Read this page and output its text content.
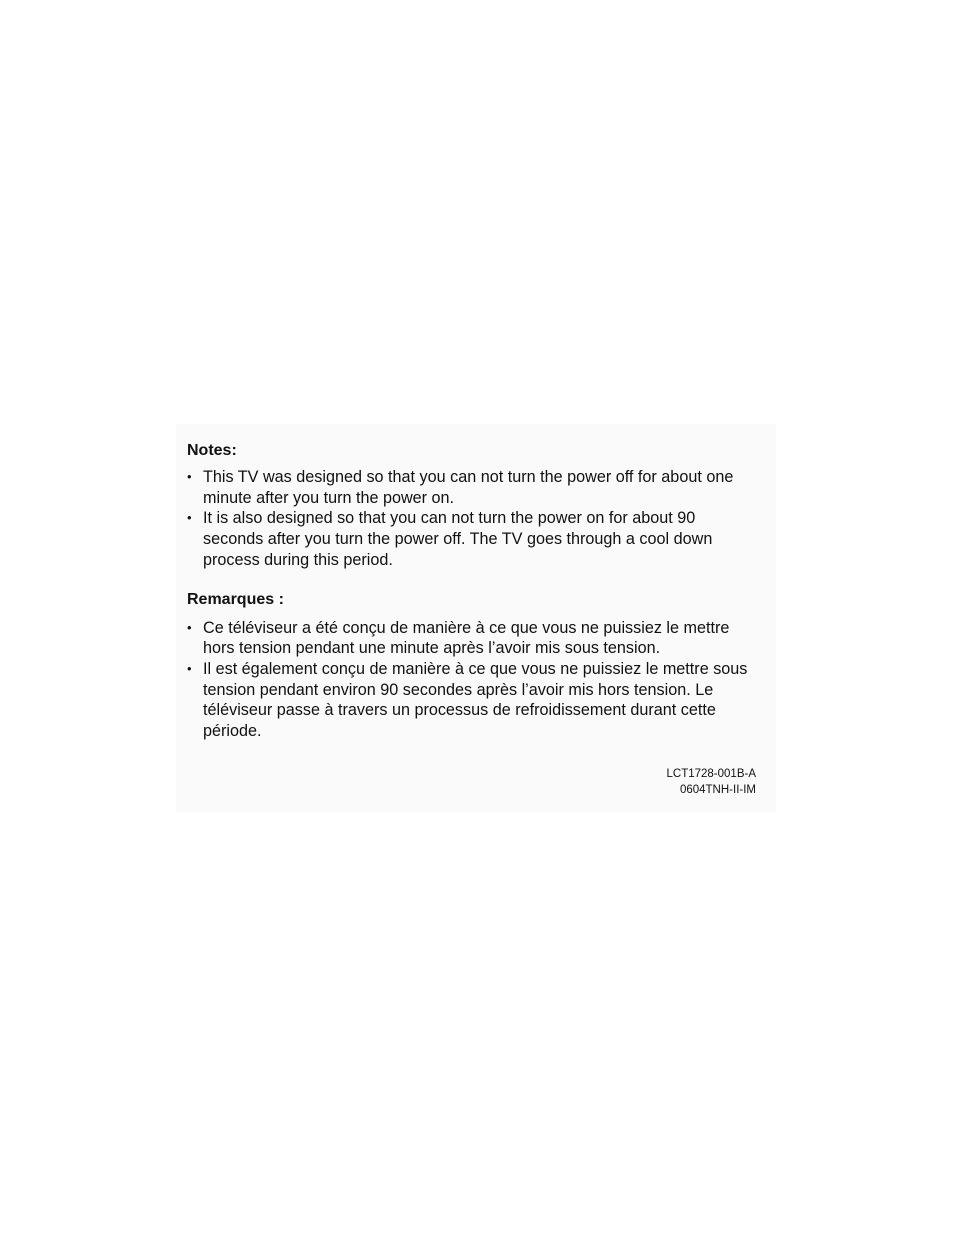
Notes:
• This TV was designed so that you can not turn the power off for about one minute after you turn the power on.
• It is also designed so that you can not turn the power on for about 90 seconds after you turn the power off. The TV goes through a cool down process during this period.
Remarques :
• Ce téléviseur a été conçu de manière à ce que vous ne puissiez le mettre hors tension pendant une minute après l’avoir mis sous tension.
• Il est également conçu de manière à ce que vous ne puissiez le mettre sous tension pendant environ 90 secondes après l’avoir mis hors tension. Le téléviseur passe à travers un processus de refroidissement durant cette période.
LCT1728-001B-A
0604TNH-II-IM
